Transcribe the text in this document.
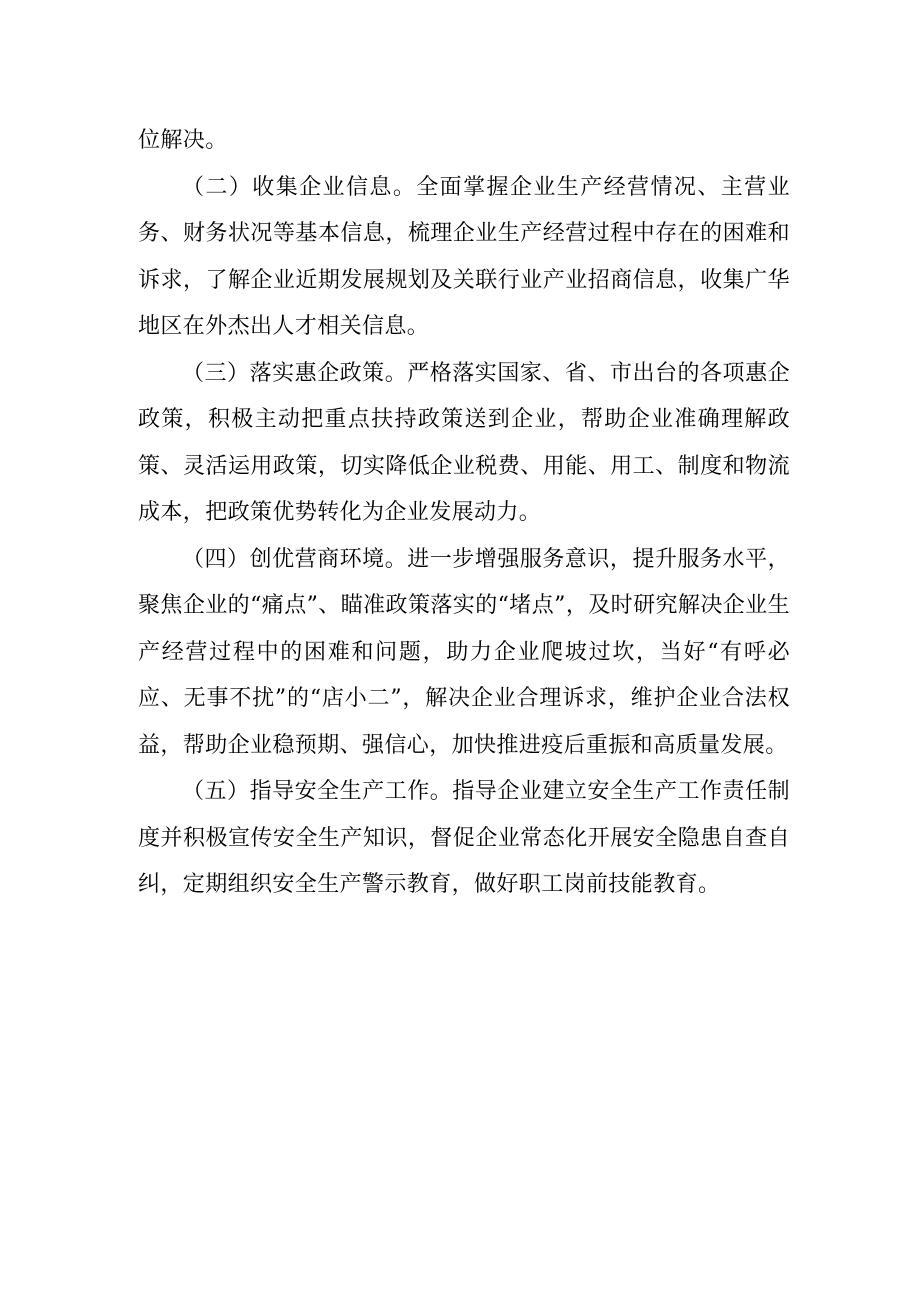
位解决。

（二）收集企业信息。全面掌握企业生产经营情况、主营业务、财务状况等基本信息，梳理企业生产经营过程中存在的困难和诉求，了解企业近期发展规划及关联行业产业招商信息，收集广华地区在外杰出人才相关信息。

（三）落实惠企政策。严格落实国家、省、市出台的各项惠企政策，积极主动把重点扶持政策送到企业，帮助企业准确理解政策、灵活运用政策，切实降低企业税费、用能、用工、制度和物流成本，把政策优势转化为企业发展动力。

（四）创优营商环境。进一步增强服务意识，提升服务水平，聚焦企业的“痛点”、瞄准政策落实的“堵点”，及时研究解决企业生产经营过程中的困难和问题，助力企业爬坡过坎，当好“有呼必应、无事不扰”的“店小二”，解决企业合理诉求，维护企业合法权益，帮助企业稳预期、强信心，加快推进疫后重振和高质量发展。

（五）指导安全生产工作。指导企业建立安全生产工作责任制度并积极宣传安全生产知识，督促企业常态化开展安全隐患自查自纠，定期组织安全生产警示教育，做好职工岗前技能教育。
